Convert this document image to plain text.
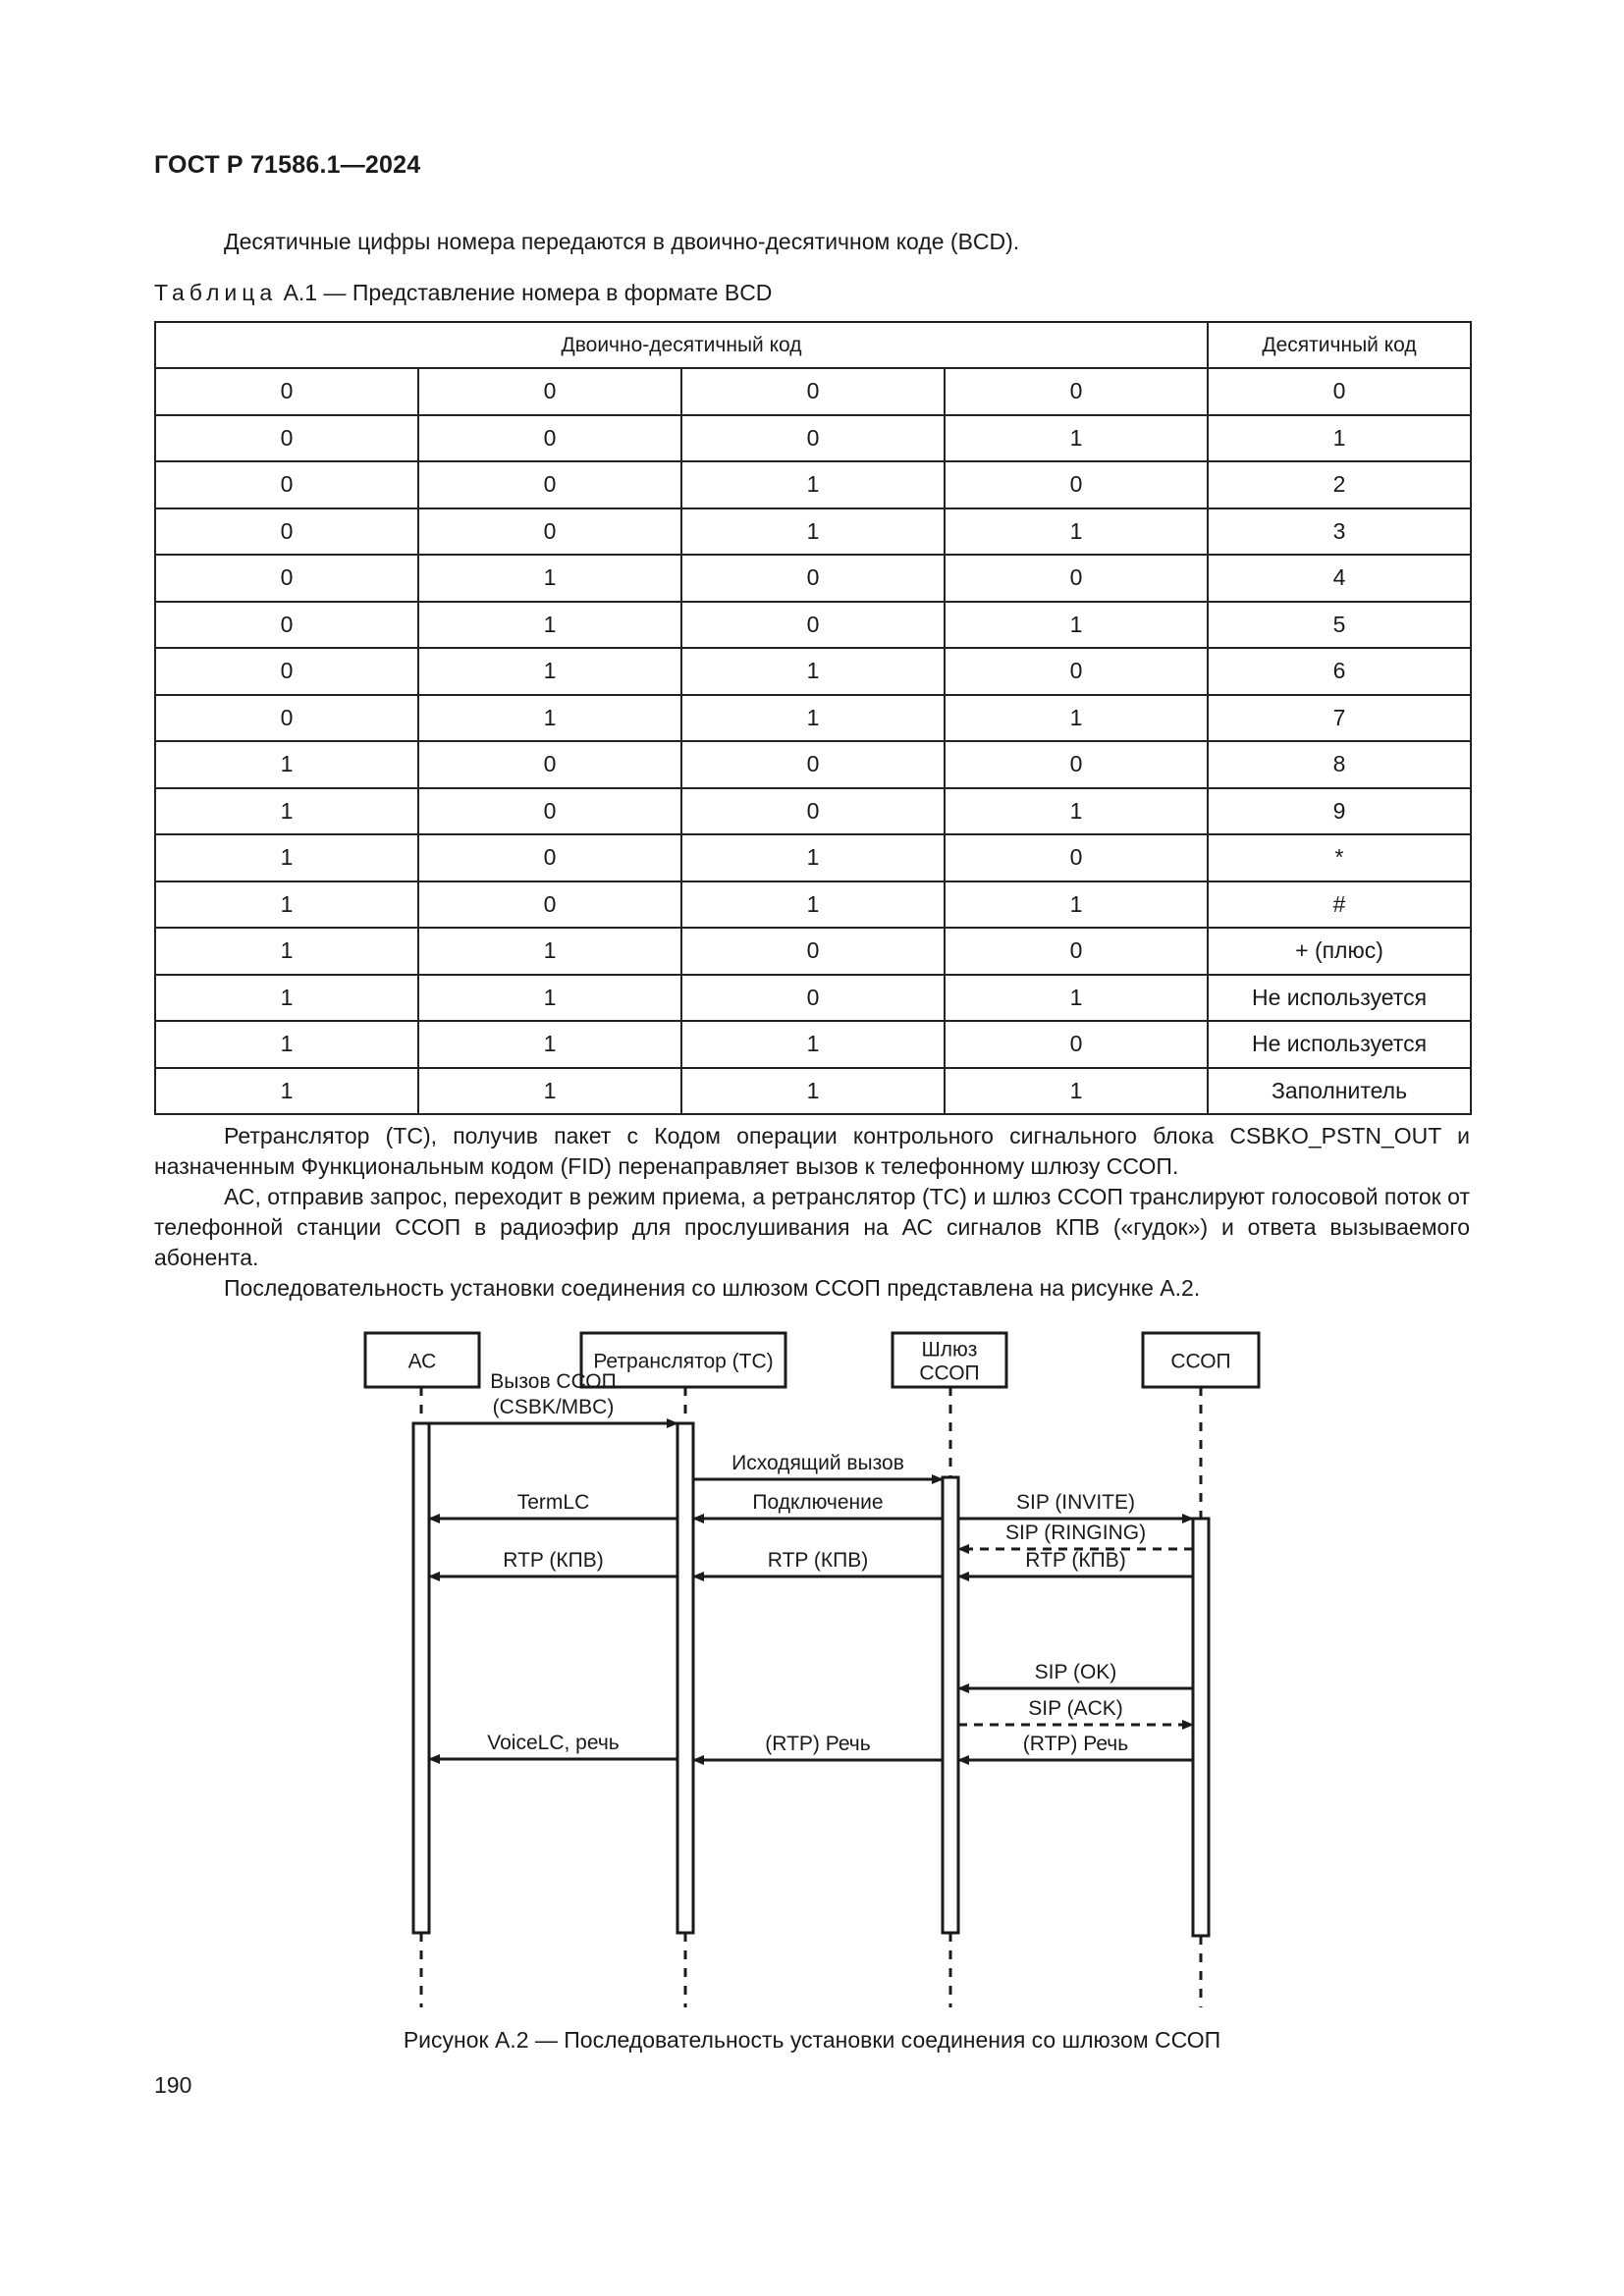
ГОСТ Р 71586.1—2024
Десятичные цифры номера передаются в двоично-десятичном коде (BCD).
Таблица А.1 — Представление номера в формате BCD
Двоично-десятичный код				Десятичный код
0	0	0	0	0
0	0	0	1	1
0	0	1	0	2
0	0	1	1	3
0	1	0	0	4
0	1	0	1	5
0	1	1	0	6
0	1	1	1	7
1	0	0	0	8
1	0	0	1	9
1	0	1	0	*
1	0	1	1	#
1	1	0	0	+ (плюс)
1	1	0	1	Не используется
1	1	1	0	Не используется
1	1	1	1	Заполнитель

Ретранслятор (ТС), получив пакет с Кодом операции контрольного сигнального блока CSBKO_PSTN_OUT и назначенным Функциональным кодом (FID) перенаправляет вызов к телефонному шлюзу ССОП.

АС, отправив запрос, переходит в режим приема, а ретранслятор (ТС) и шлюз ССОП транслируют голосовой поток от телефонной станции ССОП в радиоэфир для прослушивания на АС сигналов КПВ («гудок») и ответа вызываемого абонента.

Последовательность установки соединения со шлюзом ССОП представлена на рисунке А.2.

АС	Ретранслятор (ТС)
Шлюз
ССОП
ССОП
Вызов ССОП
(CSBK/MBC)
Исходящий вызов
SIP (INVITE)
TermLC	Подключение
SIP (RINGING)
RTP (КПВ)	RTP (КПВ)	RTP (КПВ)
SIP (OK)
SIP (ACK)
VoiceLC, речь	(RTP) Речь	(RTP) Речь
Рисунок А.2 — Последовательность установки соединения со шлюзом ССОП
190
